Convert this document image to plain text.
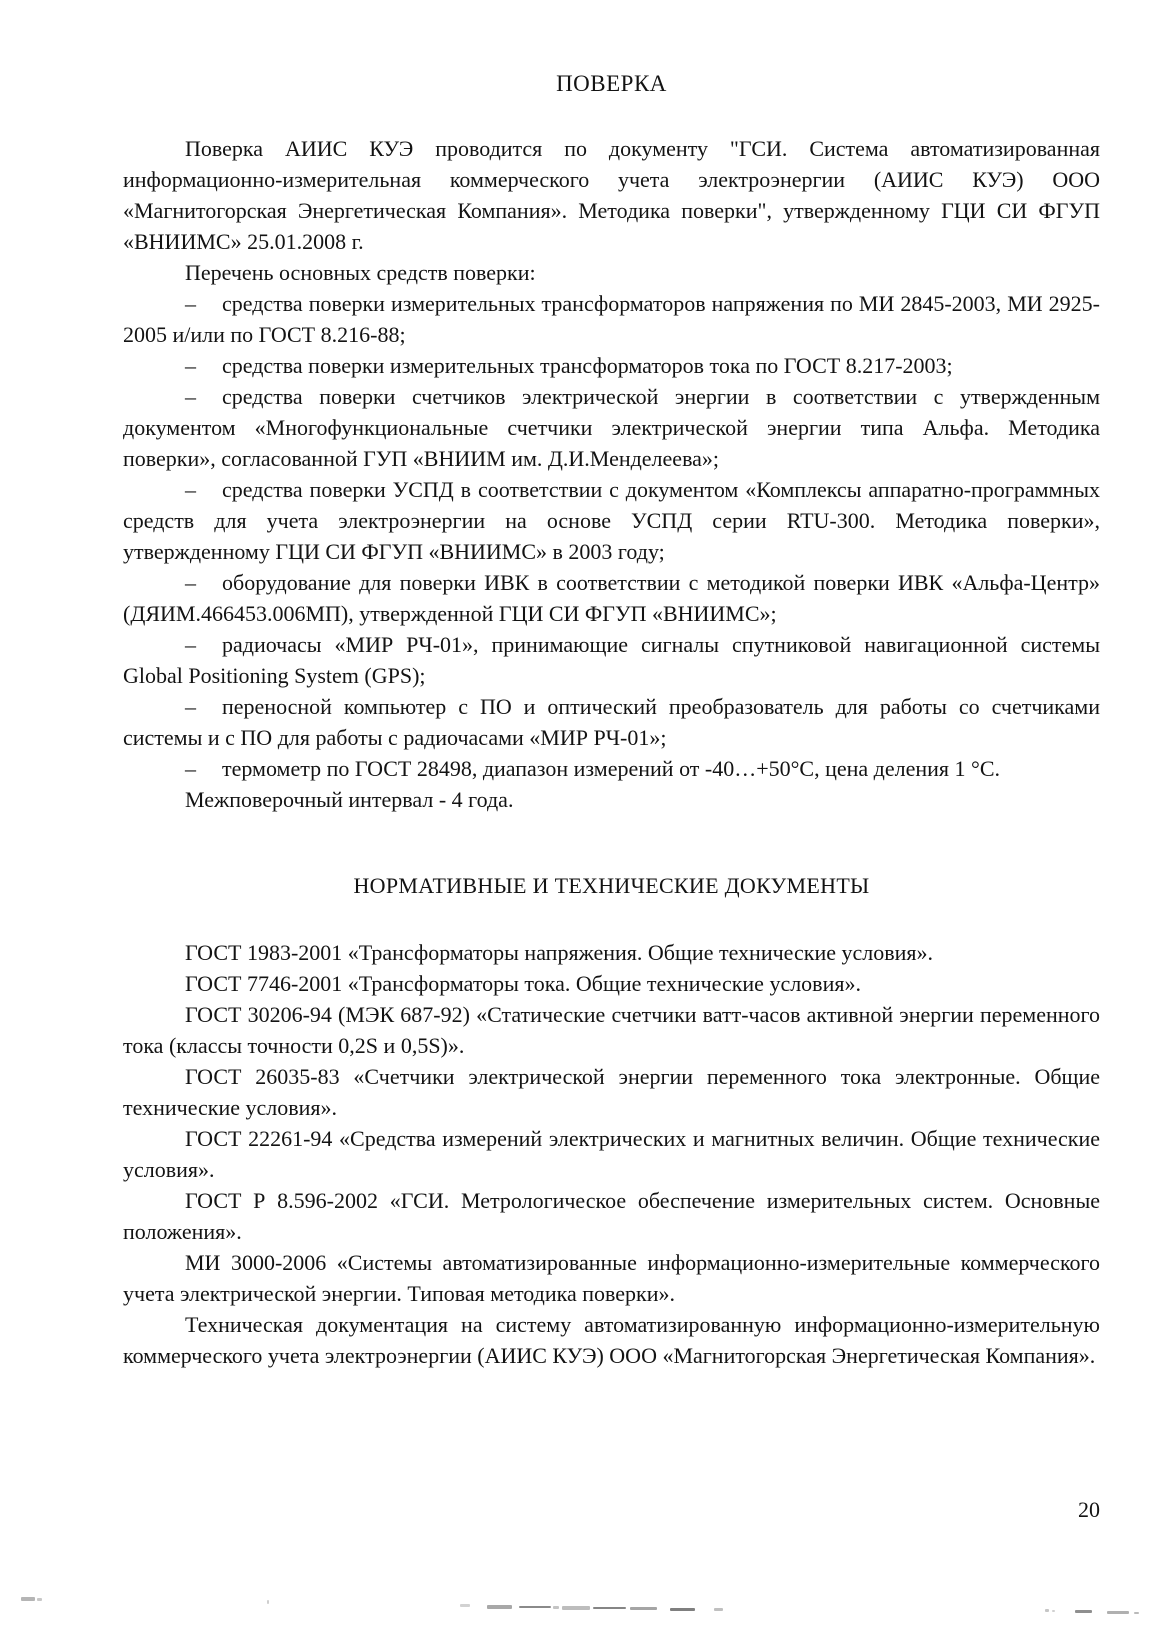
ПОВЕРКА

Поверка АИИС КУЭ проводится по документу "ГСИ. Система автоматизированная информационно-измерительная коммерческого учета электроэнергии (АИИС КУЭ) ООО «Магнитогорская Энергетическая Компания». Методика поверки", утвержденному ГЦИ СИ ФГУП «ВНИИМС» 25.01.2008 г.

Перечень основных средств поверки:

– средства поверки измерительных трансформаторов напряжения по МИ 2845-2003, МИ 2925-2005 и/или по ГОСТ 8.216-88;

– средства поверки измерительных трансформаторов тока по ГОСТ 8.217-2003;

– средства поверки счетчиков электрической энергии в соответствии с утвержденным документом «Многофункциональные счетчики электрической энергии типа Альфа. Методика поверки», согласованной ГУП «ВНИИМ им. Д.И.Менделеева»;

– средства поверки УСПД в соответствии с документом «Комплексы аппаратно-программных средств для учета электроэнергии на основе УСПД серии RTU-300. Методика поверки», утвержденному ГЦИ СИ ФГУП «ВНИИМС» в 2003 году;

– оборудование для поверки ИВК в соответствии с методикой поверки ИВК «Альфа-Центр» (ДЯИМ.466453.006МП), утвержденной ГЦИ СИ ФГУП «ВНИИМС»;

– радиочасы «МИР РЧ-01», принимающие сигналы спутниковой навигационной системы Global Positioning System (GPS);

– переносной компьютер с ПО и оптический преобразователь для работы со счетчиками системы и с ПО для работы с радиочасами «МИР РЧ-01»;

– термометр по ГОСТ 28498, диапазон измерений от -40…+50°С, цена деления 1 °С.

Межповерочный интервал - 4 года.

НОРМАТИВНЫЕ И ТЕХНИЧЕСКИЕ ДОКУМЕНТЫ

ГОСТ 1983-2001 «Трансформаторы напряжения. Общие технические условия».

ГОСТ 7746-2001 «Трансформаторы тока. Общие технические условия».

ГОСТ 30206-94 (МЭК 687-92) «Статические счетчики ватт-часов активной энергии переменного тока (классы точности 0,2S и 0,5S)».

ГОСТ 26035-83 «Счетчики электрической энергии переменного тока электронные. Общие технические условия».

ГОСТ 22261-94 «Средства измерений электрических и магнитных величин. Общие технические условия».

ГОСТ Р 8.596-2002 «ГСИ. Метрологическое обеспечение измерительных систем. Основные положения».

МИ 3000-2006 «Системы автоматизированные информационно-измерительные коммерческого учета электрической энергии. Типовая методика поверки».

Техническая документация на систему автоматизированную информационно-измерительную коммерческого учета электроэнергии (АИИС КУЭ) ООО «Магнитогорская Энергетическая Компания».

20
